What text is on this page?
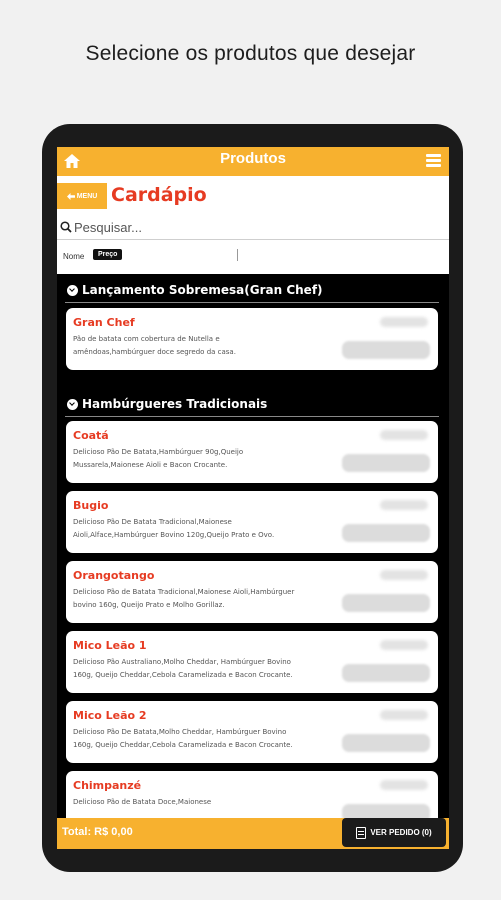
Selecione os produtos que desejar
Produtos
MENU Cardápio
Pesquisar...
Nome	Preço
Lançamento Sobremesa(Gran Chef)
Gran Chef
Pão de batata com cobertura de Nutella e amêndoas,hambúrguer doce segredo da casa.
Hambúrgueres Tradicionais
Coatá
Delicioso Pão De Batata,Hambúrguer 90g,Queijo Mussarela,Maionese Aioli e Bacon Crocante.
Bugio
Delicioso Pão De Batata Tradicional,Maionese Aioli,Alface,Hambúrguer Bovino 120g,Queijo Prato e Ovo.
Orangotango
Delicioso Pão de Batata Tradicional,Maionese Aioli,Hambúrguer bovino 160g, Queijo Prato e Molho Gorillaz.
Mico Leão 1
Delicioso Pão Australiano,Molho Cheddar, Hambúrguer Bovino 160g, Queijo Cheddar,Cebola Caramelizada e Bacon Crocante.
Mico Leão 2
Delicioso Pão De Batata,Molho Cheddar, Hambúrguer Bovino 160g, Queijo Cheddar,Cebola Caramelizada e Bacon Crocante.
Chimpanzé
Delicioso Pão de Batata Doce,Maionese
Total: R$ 0,00	VER PEDIDO (0)
